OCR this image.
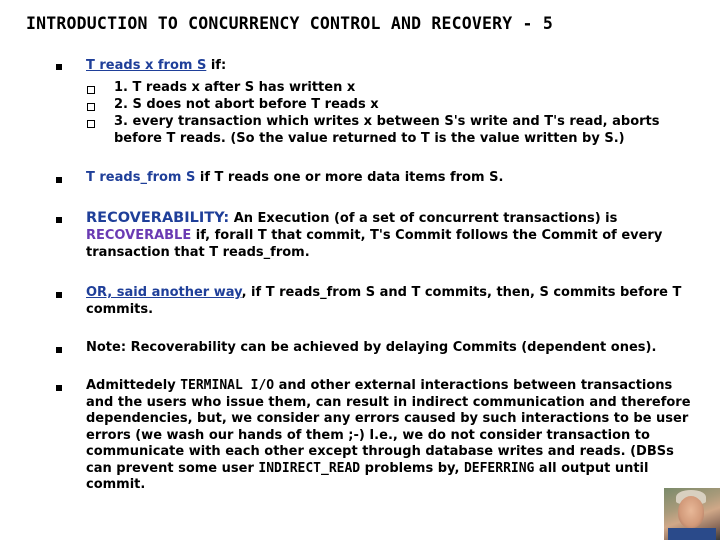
INTRODUCTION TO CONCURRENCY CONTROL AND RECOVERY - 5
T reads x from S if:
1. T reads x after S has written x
2. S does not abort before T reads x
3. every transaction which writes x between S's write and T's read, aborts before T reads. (So the value returned to T is the value written by S.)
T reads_from S if T reads one or more data items from S.
RECOVERABILITY: An Execution (of a set of concurrent transactions) is
RECOVERABLE if, forall T that commit, T's Commit follows the Commit of every transaction that T reads_from.
OR, said another way, if T reads_from S and T commits, then, S commits before T commits.
Note: Recoverability can be achieved by delaying Commits (dependent ones).
Admittedely TERMINAL I/O and other external interactions between transactions and the users who issue them, can result in indirect communication and therefore dependencies, but, we consider any errors caused by such interactions to be user errors (we wash our hands of them ;-) I.e., we do not consider transaction to communicate with each other except through database writes and reads. (DBSs can prevent some user INDIRECT_READ problems by, DEFERRING all output until commit.
